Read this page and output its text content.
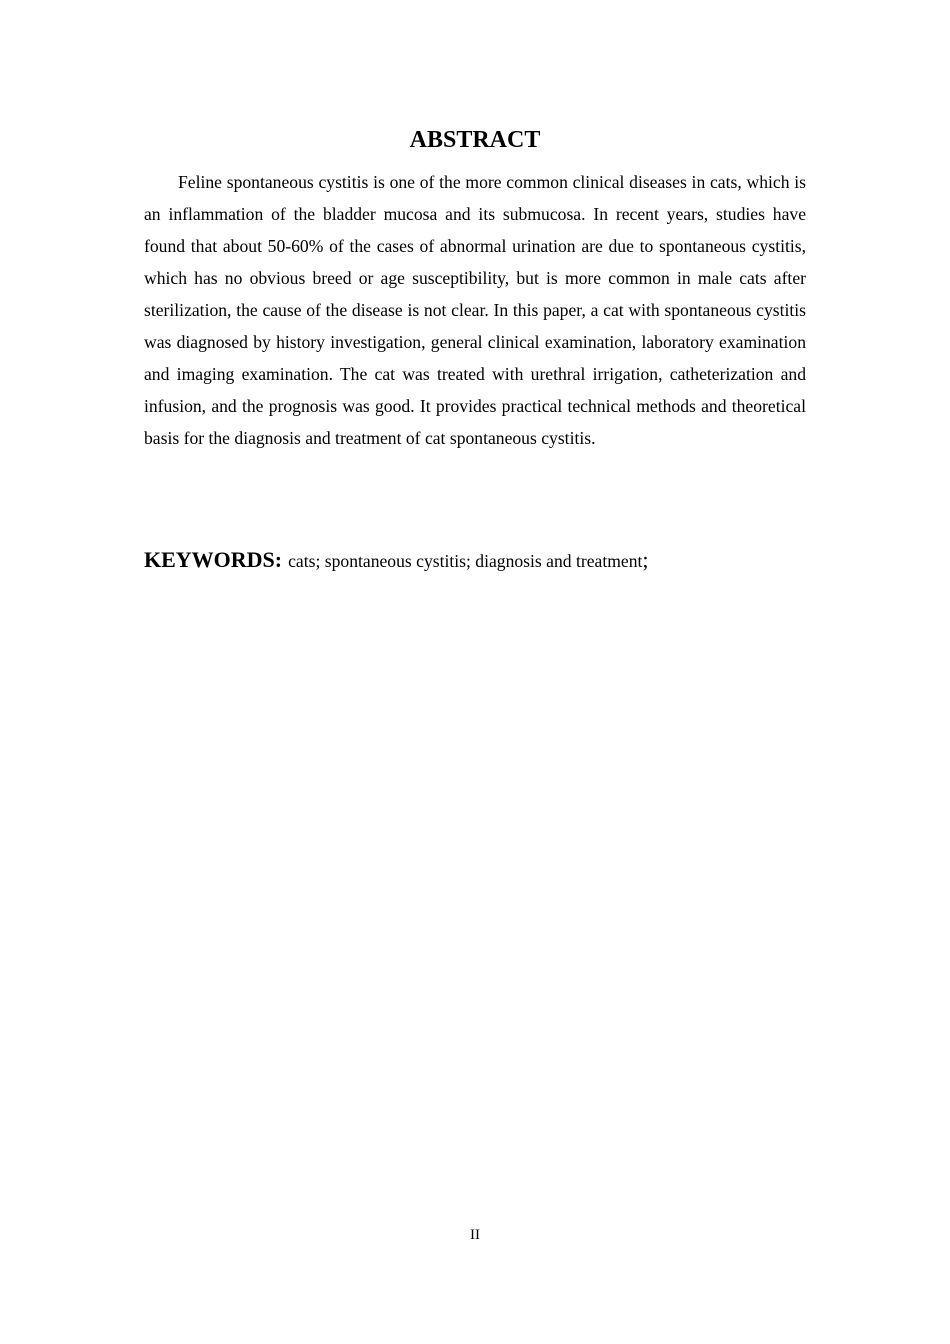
ABSTRACT

Feline spontaneous cystitis is one of the more common clinical diseases in cats, which is an inflammation of the bladder mucosa and its submucosa. In recent years, studies have found that about 50-60% of the cases of abnormal urination are due to spontaneous cystitis, which has no obvious breed or age susceptibility, but is more common in male cats after sterilization, the cause of the disease is not clear. In this paper, a cat with spontaneous cystitis was diagnosed by history investigation, general clinical examination, laboratory examination and imaging examination. The cat was treated with urethral irrigation, catheterization and infusion, and the prognosis was good. It provides practical technical methods and theoretical basis for the diagnosis and treatment of cat spontaneous cystitis.

KEYWORDS: cats; spontaneous cystitis; diagnosis and treatment;

II
